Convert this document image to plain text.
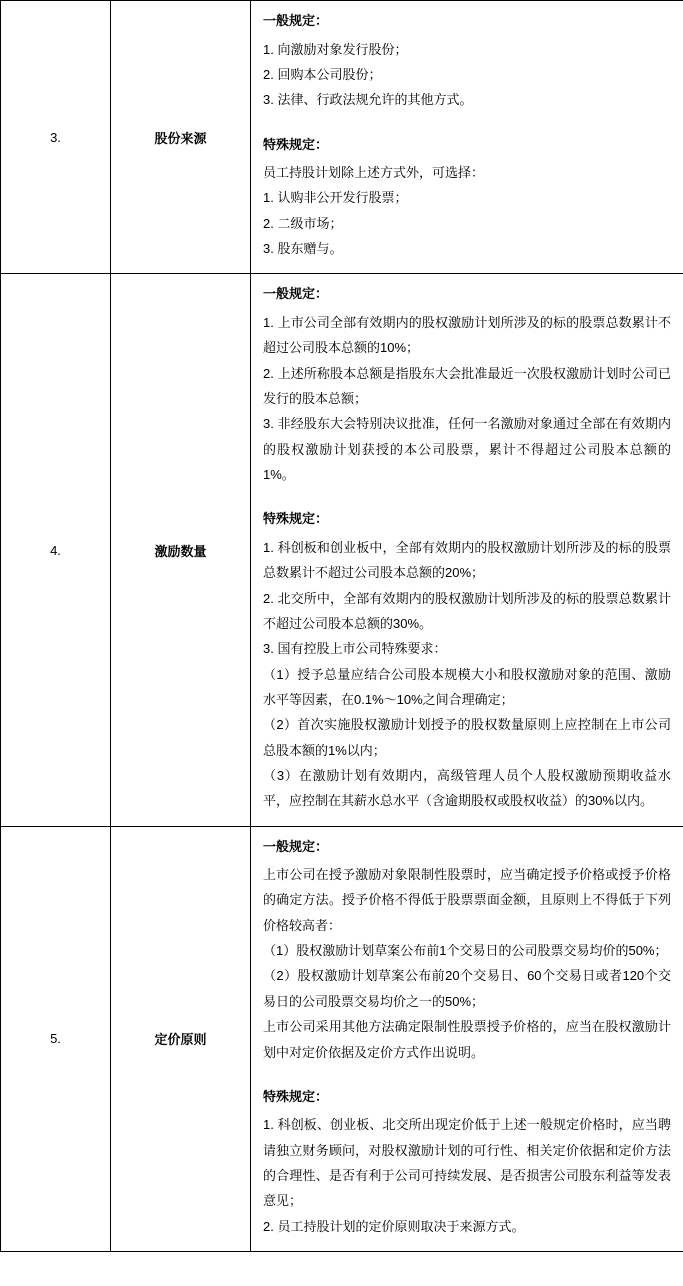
3.	股份来源	
一般规定：

1. 向激励对象发行股份；

2. 回购本公司股份；

3. 法律、行政法规允许的其他方式。

特殊规定：

员工持股计划除上述方式外，可选择：

1. 认购非公开发行股票；

2. 二级市场；

3. 股东赠与。

4.	激励数量	
一般规定：

1. 上市公司全部有效期内的股权激励计划所涉及的标的股票总数累计不超过公司股本总额的10%；

2. 上述所称股本总额是指股东大会批准最近一次股权激励计划时公司已发行的股本总额；

3. 非经股东大会特别决议批准，任何一名激励对象通过全部在有效期内的股权激励计划获授的本公司股票，累计不得超过公司股本总额的1%。

特殊规定：

1. 科创板和创业板中，全部有效期内的股权激励计划所涉及的标的股票总数累计不超过公司股本总额的20%；

2. 北交所中，全部有效期内的股权激励计划所涉及的标的股票总数累计不超过公司股本总额的30%。

3. 国有控股上市公司特殊要求：

（1）授予总量应结合公司股本规模大小和股权激励对象的范围、激励水平等因素，在0.1%～10%之间合理确定；

（2）首次实施股权激励计划授予的股权数量原则上应控制在上市公司总股本额的1%以内；

（3）在激励计划有效期内，高级管理人员个人股权激励预期收益水平，应控制在其薪水总水平（含逾期股权或股权收益）的30%以内。

5.	定价原则	
一般规定：

上市公司在授予激励对象限制性股票时，应当确定授予价格或授予价格的确定方法。授予价格不得低于股票票面金额，且原则上不得低于下列价格较高者：

（1）股权激励计划草案公布前1个交易日的公司股票交易均价的50%；

（2）股权激励计划草案公布前20个交易日、60个交易日或者120个交易日的公司股票交易均价之一的50%；

上市公司采用其他方法确定限制性股票授予价格的，应当在股权激励计划中对定价依据及定价方式作出说明。

特殊规定：

1. 科创板、创业板、北交所出现定价低于上述一般规定价格时，应当聘请独立财务顾问，对股权激励计划的可行性、相关定价依据和定价方法的合理性、是否有利于公司可持续发展、是否损害公司股东利益等发表意见；

2. 员工持股计划的定价原则取决于来源方式。
